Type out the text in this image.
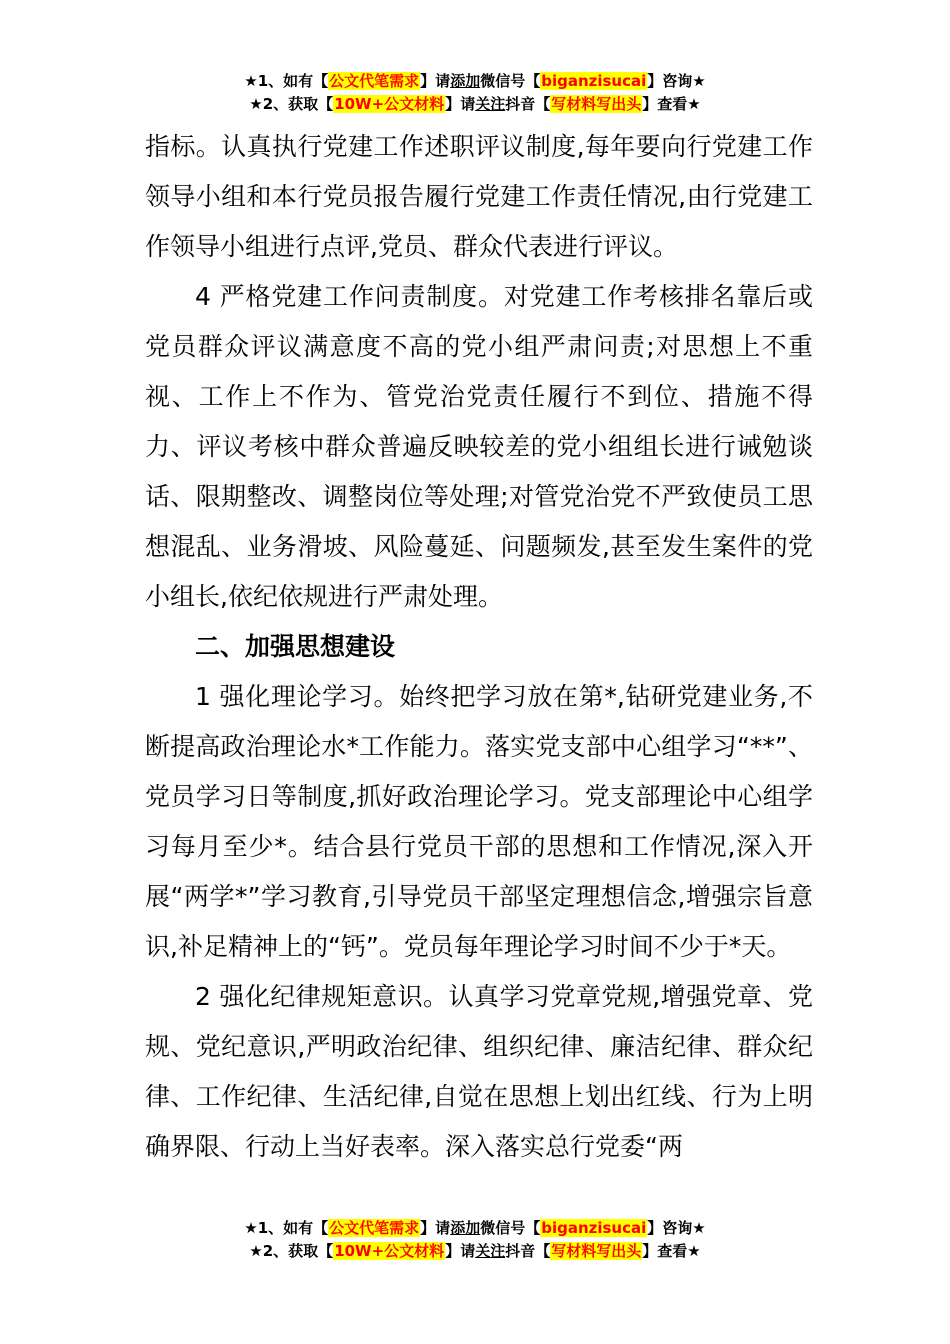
★1、如有【公文代笔需求】请添加微信号【biganzisucai】咨询★
★2、获取【10W+公文材料】请关注抖音【写材料写出头】查看★

指标。认真执行党建工作述职评议制度,每年要向行党建工作领导小组和本行党员报告履行党建工作责任情况,由行党建工作领导小组进行点评,党员、群众代表进行评议。

4 严格党建工作问责制度。对党建工作考核排名靠后或党员群众评议满意度不高的党小组严肃问责;对思想上不重视、工作上不作为、管党治党责任履行不到位、措施不得力、评议考核中群众普遍反映较差的党小组组长进行诫勉谈话、限期整改、调整岗位等处理;对管党治党不严致使员工思想混乱、业务滑坡、风险蔓延、问题频发,甚至发生案件的党小组长,依纪依规进行严肃处理。

二、加强思想建设

1 强化理论学习。始终把学习放在第*,钻研党建业务,不断提高政治理论水*工作能力。落实党支部中心组学习“**”、党员学习日等制度,抓好政治理论学习。党支部理论中心组学习每月至少*。结合县行党员干部的思想和工作情况,深入开展“两学*”学习教育,引导党员干部坚定理想信念,增强宗旨意识,补足精神上的“钙”。党员每年理论学习时间不少于*天。

2 强化纪律规矩意识。认真学习党章党规,增强党章、党规、党纪意识,严明政治纪律、组织纪律、廉洁纪律、群众纪律、工作纪律、生活纪律,自觉在思想上划出红线、行为上明确界限、行动上当好表率。深入落实总行党委“两

★1、如有【公文代笔需求】请添加微信号【biganzisucai】咨询★
★2、获取【10W+公文材料】请关注抖音【写材料写出头】查看★
